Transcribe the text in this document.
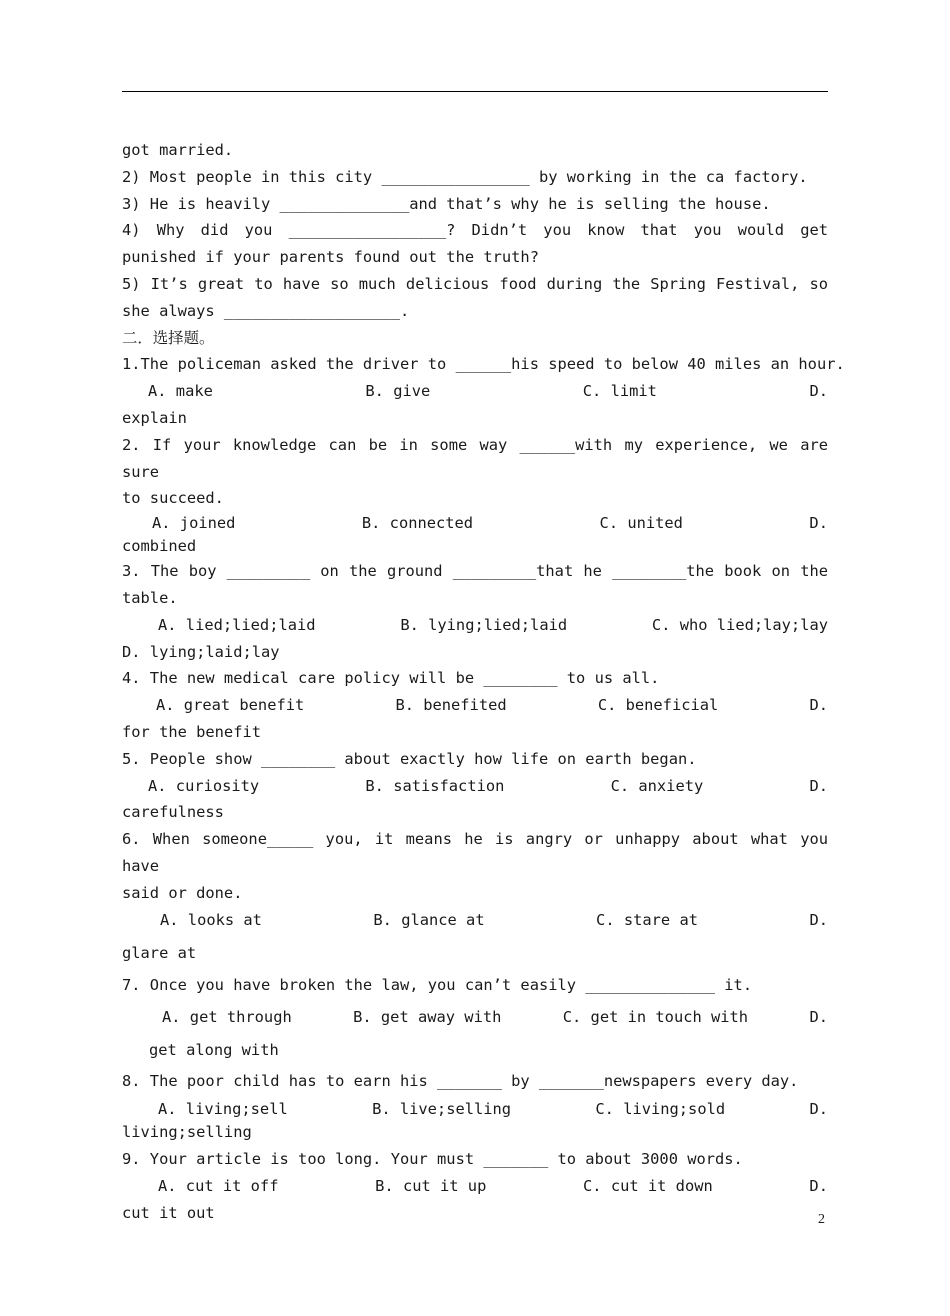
got married.
2) Most people in this city ________________ by working in the ca factory.
3) He is heavily ______________and that’s why he is selling the house.
4) Why did you _________________? Didn’t you know that you would get
punished if your parents found out the truth?
5) It’s great to have so much delicious food during the Spring Festival, so
she always ___________________.
二．选择题。
1.The policeman asked the driver to ______his speed to below 40 miles an hour.
A. make	B. give	C. limit	D.
explain
2. If your knowledge can be in some way ______with my experience, we are sure
to succeed.
A. joined	B. connected	C. united	D.
combined
3. The boy _________ on the ground _________that he ________the book on the
table.
A. lied;lied;laid	B. lying;lied;laid	C. who lied;lay;lay
D. lying;laid;lay
4. The new medical care policy will be ________ to us all.
A. great benefit	B. benefited	C. beneficial	D.
for the benefit
5. People show ________ about exactly how life on earth began.
A. curiosity	B. satisfaction	C. anxiety	D.
carefulness
6. When someone_____ you, it means he is angry or unhappy about what you have
said or done.
A. looks at	B. glance at	C. stare at	D.
glare at
7. Once you have broken the law, you can’t easily ______________ it.
A. get through	B. get away with	C. get in touch with	D.
get along with
8. The poor child has to earn his _______ by _______newspapers every day.
A. living;sell	B. live;selling	C. living;sold	D.
living;selling
9. Your article is too long. Your must _______ to about 3000 words.
A. cut it off	B. cut it up	C. cut it down	D.
cut it out	2
